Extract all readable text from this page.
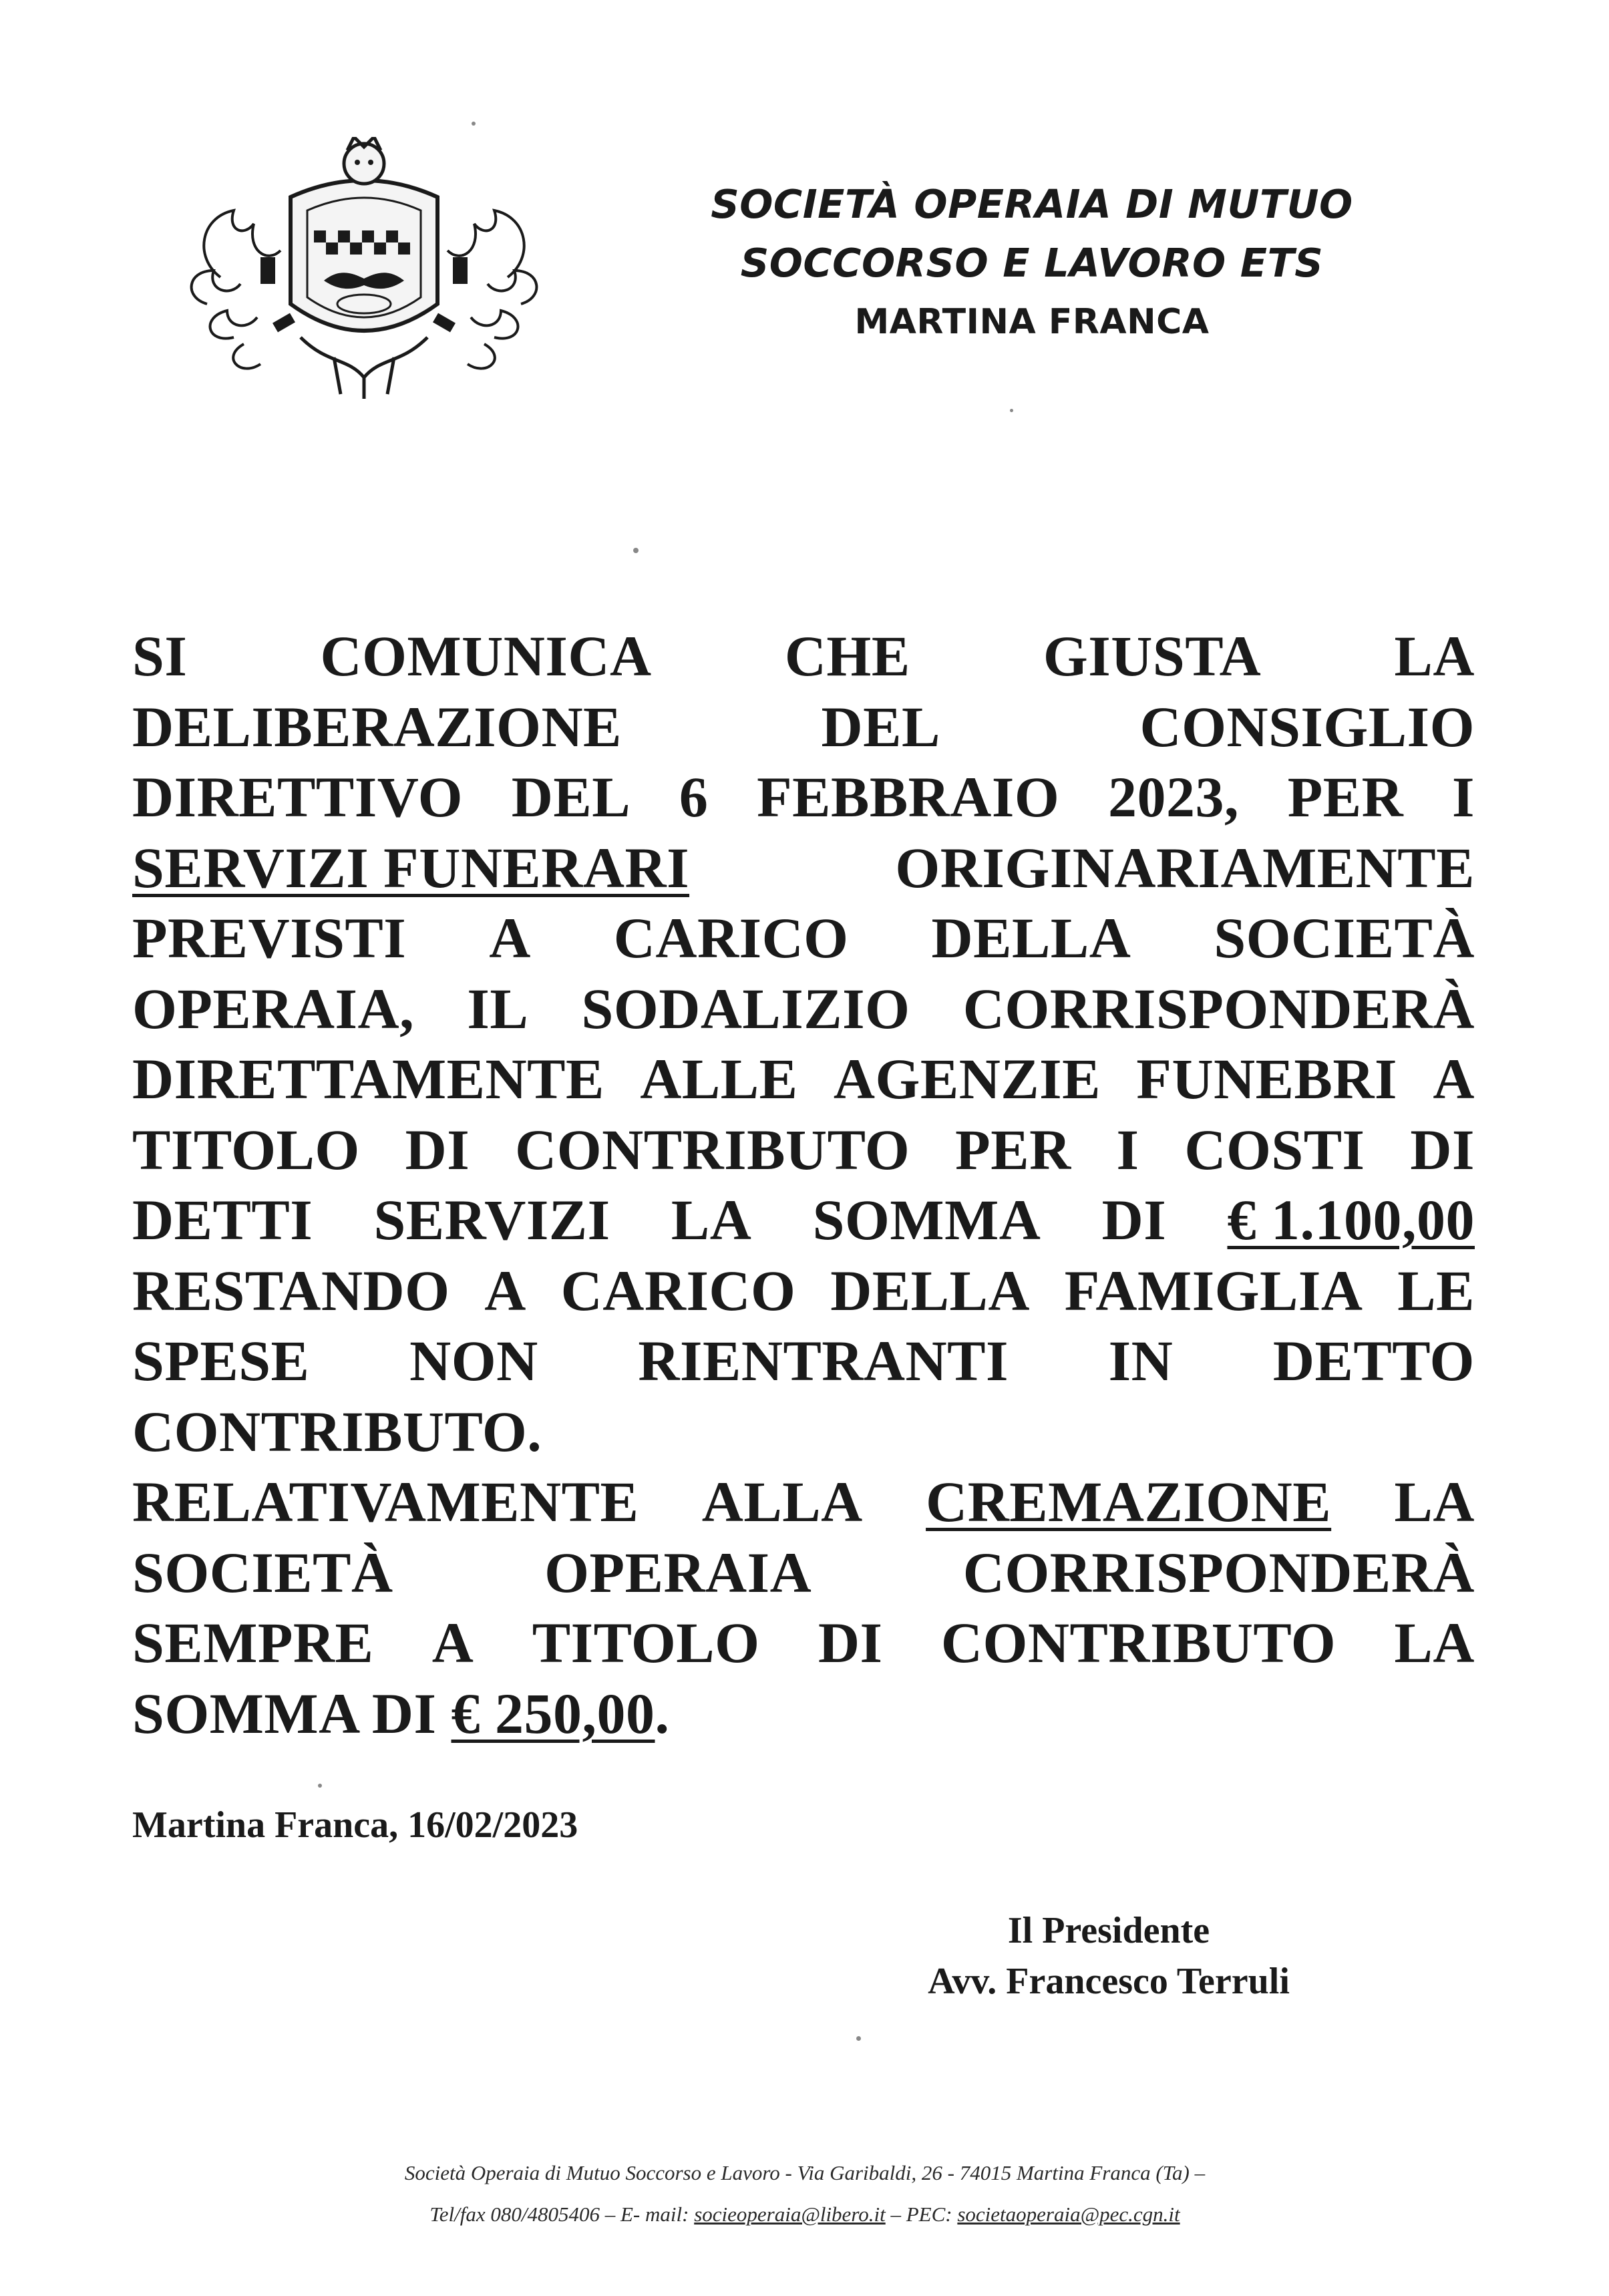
SOCIETÀ OPERAIA DI MUTUO
SOCCORSO E LAVORO ETS
MARTINA FRANCA
SI COMUNICA CHE GIUSTA LA
DELIBERAZIONE	DEL	CONSIGLIO
DIRETTIVO DEL 6 FEBBRAIO 2023, PER I
SERVIZI FUNERARI	ORIGINARIAMENTE
PREVISTI A CARICO DELLA SOCIETÀ
OPERAIA, IL SODALIZIO CORRISPONDERÀ
DIRETTAMENTE ALLE AGENZIE FUNEBRI A
TITOLO DI CONTRIBUTO PER I COSTI DI
DETTI SERVIZI LA SOMMA DI € 1.100,00
RESTANDO A CARICO DELLA FAMIGLIA LE
SPESE NON RIENTRANTI IN DETTO
CONTRIBUTO.
RELATIVAMENTE ALLA CREMAZIONE LA
SOCIETÀ	OPERAIA	CORRISPONDERÀ
SEMPRE A TITOLO DI CONTRIBUTO LA
SOMMA DI € 250,00 .
Martina Franca, 16/02/2023
Il Presidente
Avv. Francesco Terruli
Società Operaia di Mutuo Soccorso e Lavoro - Via Garibaldi, 26 - 74015 Martina Franca (Ta) –
Tel/fax 080/4805406 – E- mail: socieoperaia@libero.it – PEC: societaoperaia@pec.cgn.it
